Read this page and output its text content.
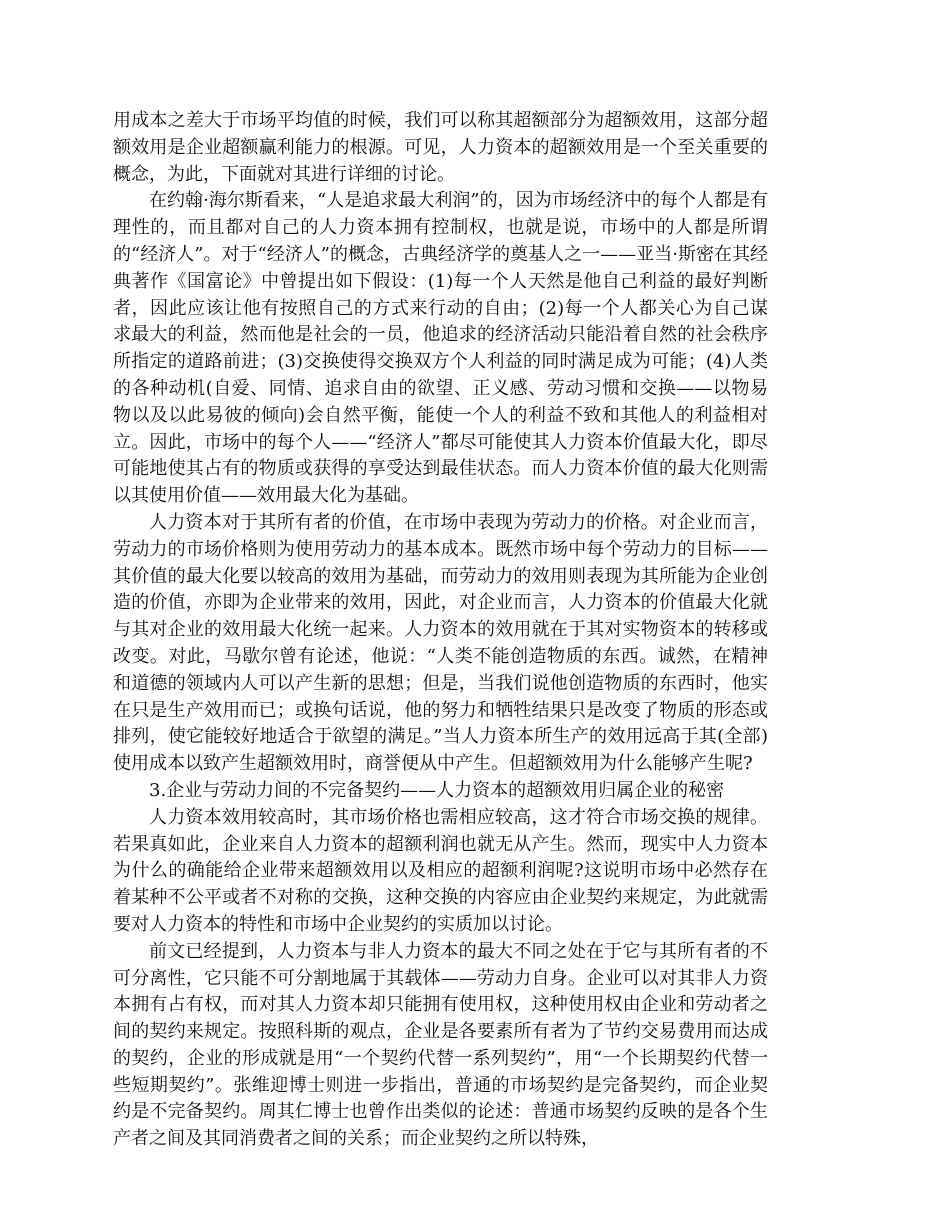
用成本之差大于市场平均值的时候，我们可以称其超额部分为超额效用，这部分超额效用是企业超额赢利能力的根源。可见，人力资本的超额效用是一个至关重要的概念，为此，下面就对其进行详细的讨论。

在约翰·海尔斯看来，“人是追求最大利润”的，因为市场经济中的每个人都是有理性的，而且都对自己的人力资本拥有控制权，也就是说，市场中的人都是所谓的“经济人”。对于“经济人”的概念，古典经济学的奠基人之一——亚当·斯密在其经典著作《国富论》中曾提出如下假设：(1)每一个人天然是他自己利益的最好判断者，因此应该让他有按照自己的方式来行动的自由；(2)每一个人都关心为自己谋求最大的利益，然而他是社会的一员，他追求的经济活动只能沿着自然的社会秩序所指定的道路前进；(3)交换使得交换双方个人利益的同时满足成为可能；(4)人类的各种动机(自爱、同情、追求自由的欲望、正义感、劳动习惯和交换——以物易物以及以此易彼的倾向)会自然平衡，能使一个人的利益不致和其他人的利益相对立。因此，市场中的每个人——“经济人”都尽可能使其人力资本价值最大化，即尽可能地使其占有的物质或获得的享受达到最佳状态。而人力资本价值的最大化则需以其使用价值——效用最大化为基础。

人力资本对于其所有者的价值，在市场中表现为劳动力的价格。对企业而言，劳动力的市场价格则为使用劳动力的基本成本。既然市场中每个劳动力的目标——其价值的最大化要以较高的效用为基础，而劳动力的效用则表现为其所能为企业创造的价值，亦即为企业带来的效用，因此，对企业而言，人力资本的价值最大化就与其对企业的效用最大化统一起来。人力资本的效用就在于其对实物资本的转移或改变。对此，马歇尔曾有论述，他说：“人类不能创造物质的东西。诚然，在精神和道德的领域内人可以产生新的思想；但是，当我们说他创造物质的东西时，他实在只是生产效用而已；或换句话说，他的努力和牺牲结果只是改变了物质的形态或排列，使它能较好地适合于欲望的满足。”当人力资本所生产的效用远高于其(全部)使用成本以致产生超额效用时，商誉便从中产生。但超额效用为什么能够产生呢?

3.企业与劳动力间的不完备契约——人力资本的超额效用归属企业的秘密

人力资本效用较高时，其市场价格也需相应较高，这才符合市场交换的规律。若果真如此，企业来自人力资本的超额利润也就无从产生。然而，现实中人力资本为什么的确能给企业带来超额效用以及相应的超额利润呢?这说明市场中必然存在着某种不公平或者不对称的交换，这种交换的内容应由企业契约来规定，为此就需要对人力资本的特性和市场中企业契约的实质加以讨论。

前文已经提到，人力资本与非人力资本的最大不同之处在于它与其所有者的不可分离性，它只能不可分割地属于其载体——劳动力自身。企业可以对其非人力资本拥有占有权，而对其人力资本却只能拥有使用权，这种使用权由企业和劳动者之间的契约来规定。按照科斯的观点，企业是各要素所有者为了节约交易费用而达成的契约，企业的形成就是用“一个契约代替一系列契约”，用“一个长期契约代替一些短期契约”。张维迎博士则进一步指出，普通的市场契约是完备契约，而企业契约是不完备契约。周其仁博士也曾作出类似的论述：普通市场契约反映的是各个生产者之间及其同消费者之间的关系；而企业契约之所以特殊，
